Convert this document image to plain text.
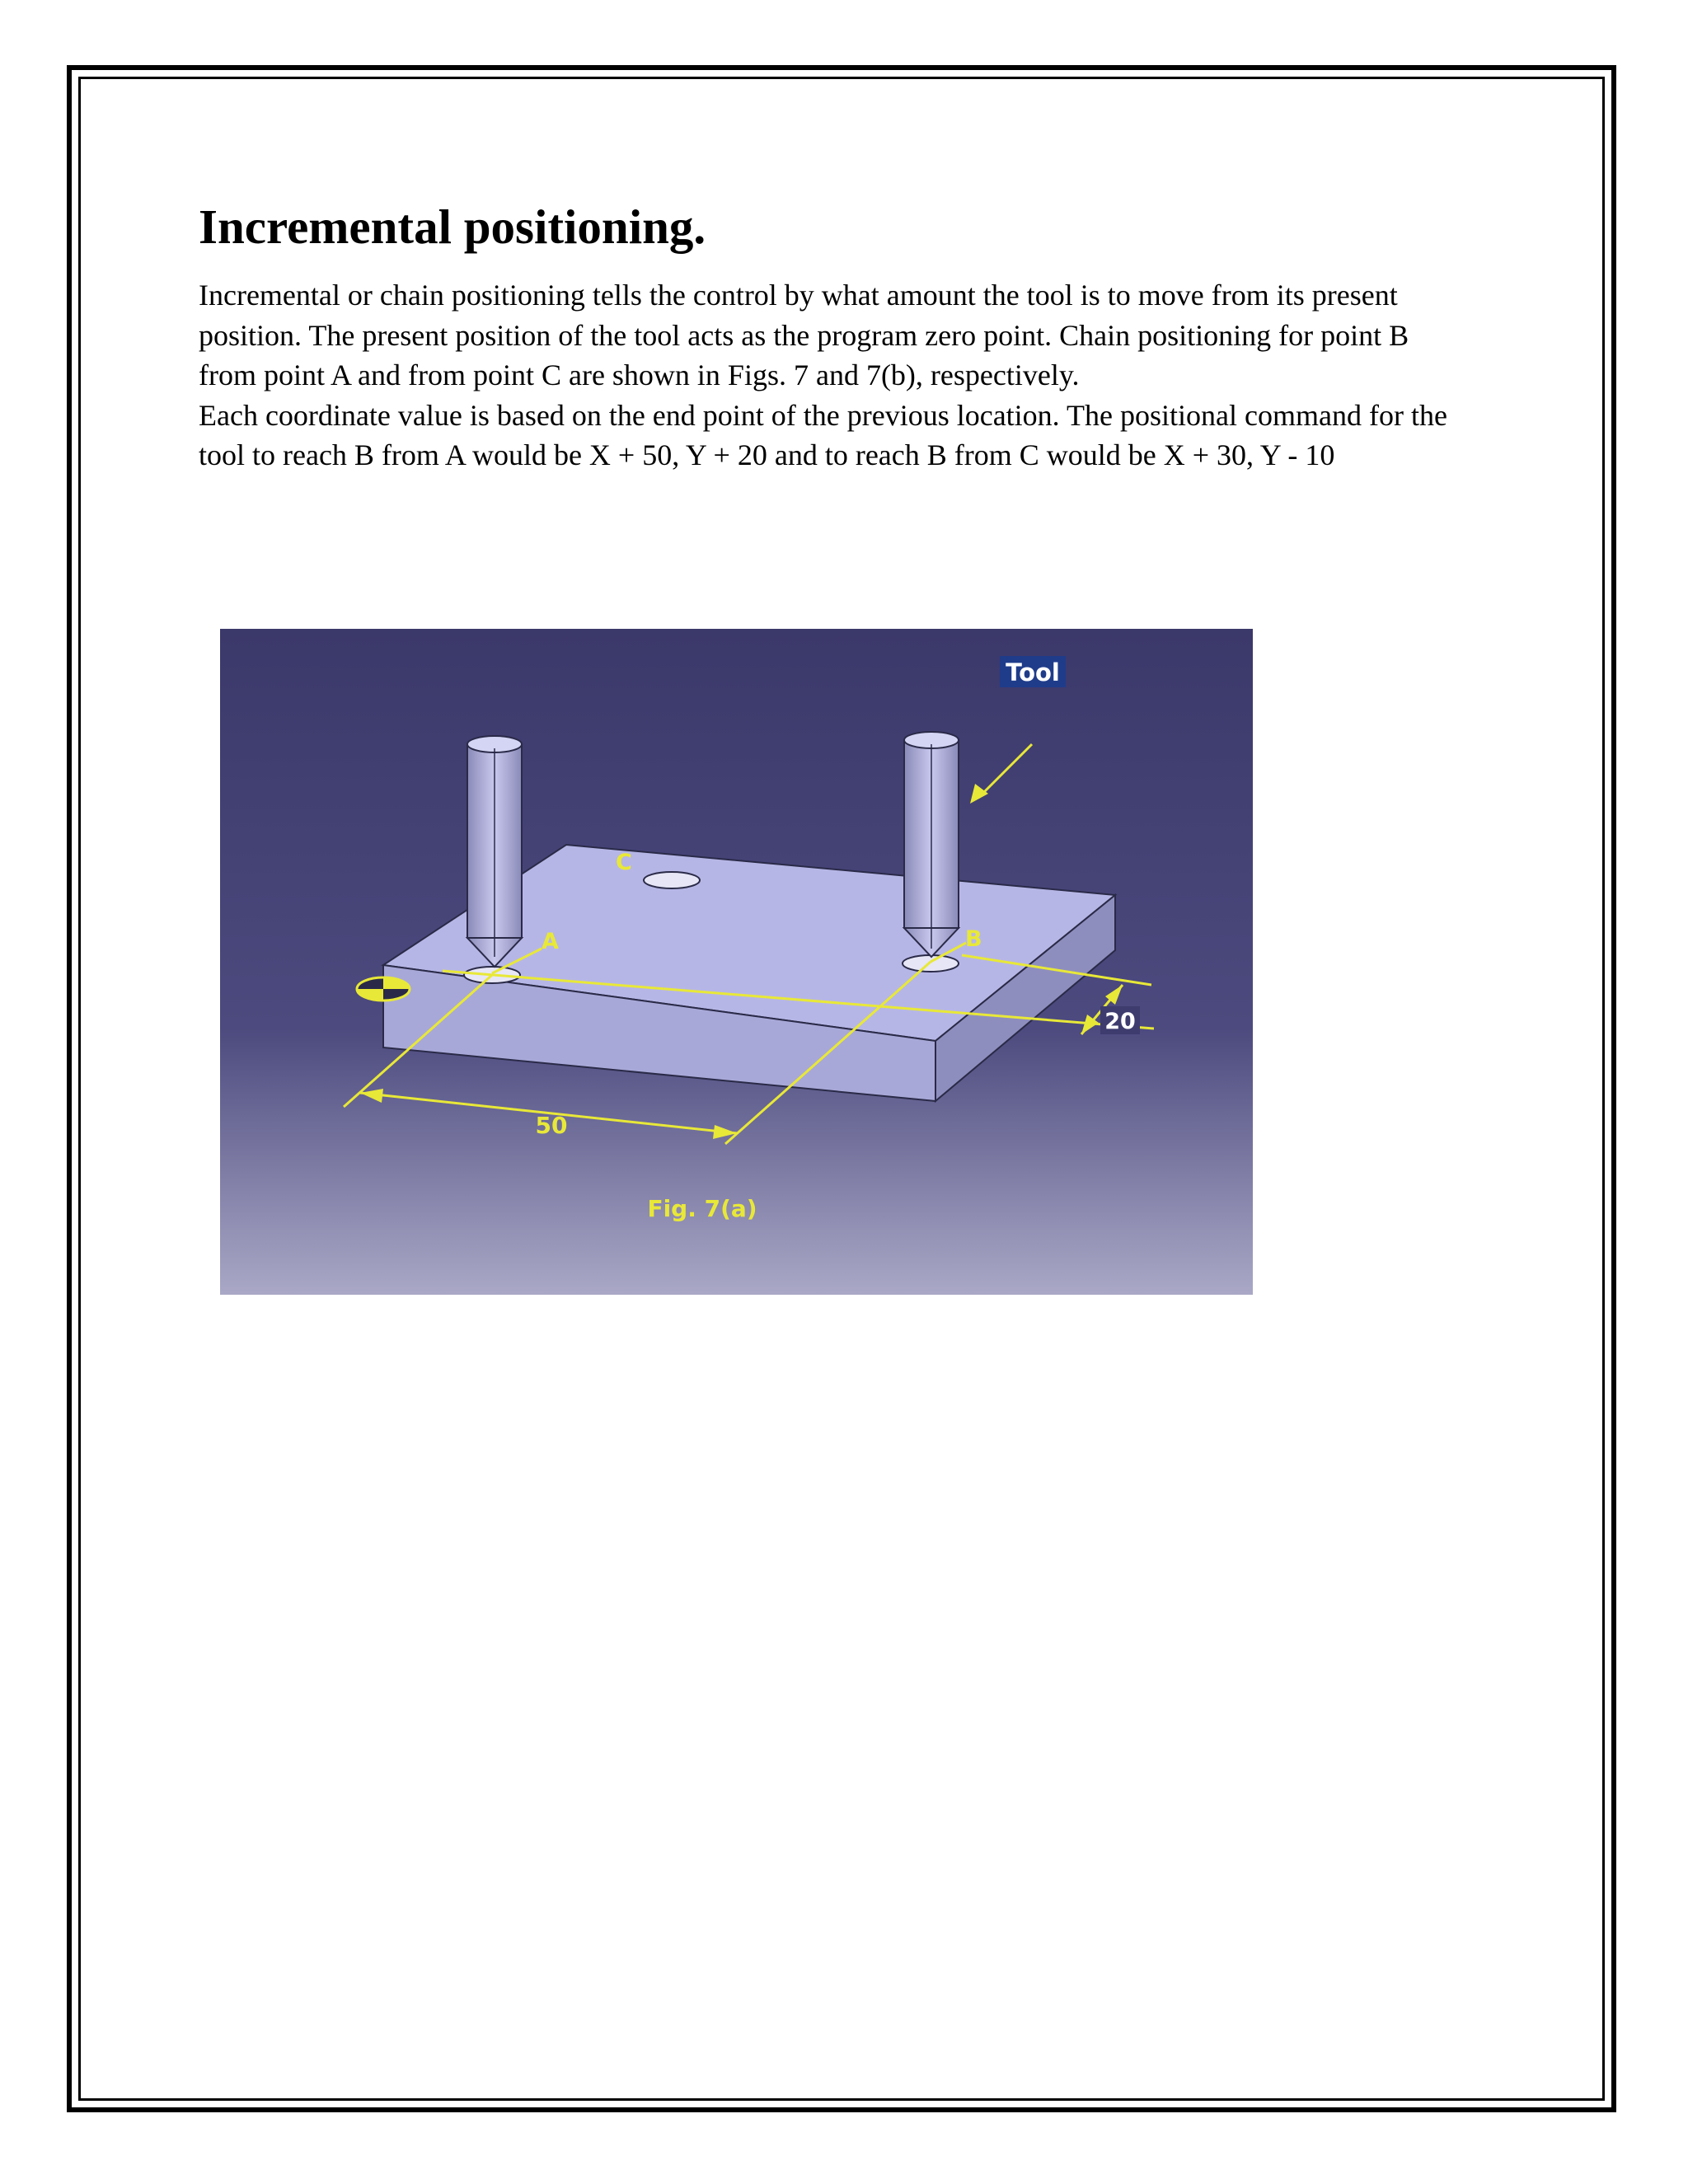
Incremental positioning.

Incremental or chain positioning tells the control by what amount the tool is to move from its present

position. The present position of the tool acts as the program zero point. Chain positioning for point B

from point A and from point C are shown in Figs. 7 and 7(b), respectively.

Each coordinate value is based on the end point of the previous location. The positional command for the

tool to reach B from A would be X + 50, Y + 20 and to reach B from C would be X + 30, Y - 10

Tool
A	B
C
20
50
Fig. 7(a)
